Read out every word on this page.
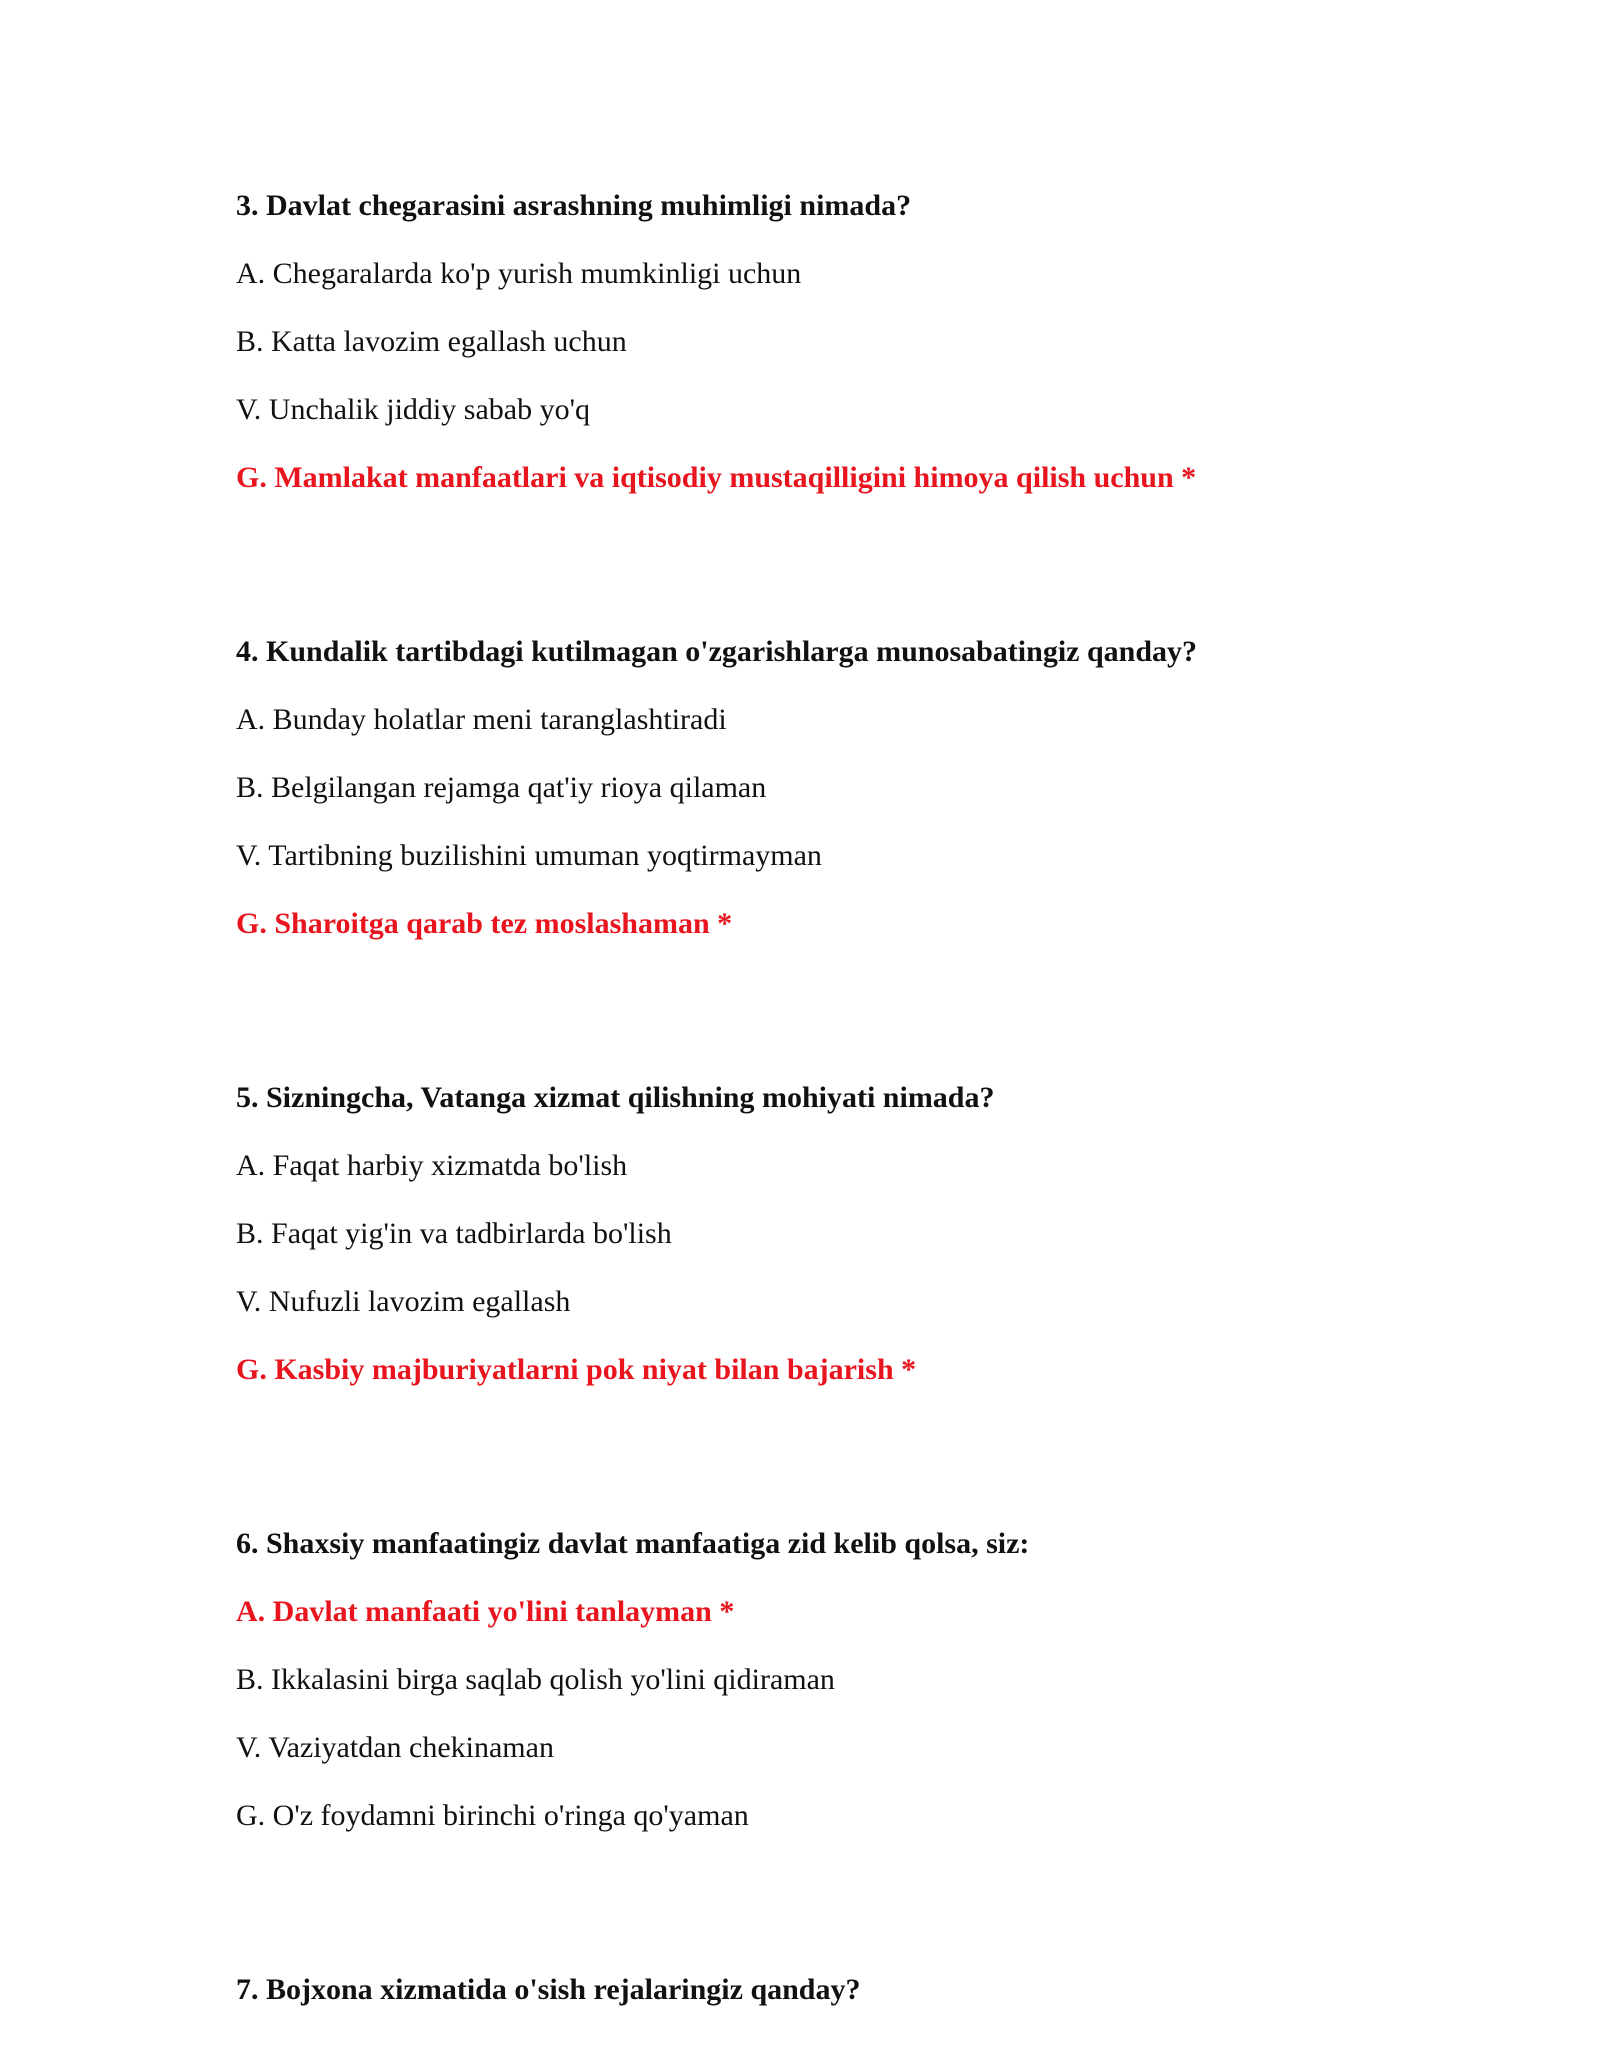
3. Davlat chegarasini asrashning muhimligi nimada?
A. Chegaralarda ko'p yurish mumkinligi uchun
B. Katta lavozim egallash uchun
V. Unchalik jiddiy sabab yo'q
G. Mamlakat manfaatlari va iqtisodiy mustaqilligini himoya qilish uchun *
4. Kundalik tartibdagi kutilmagan o'zgarishlarga munosabatingiz qanday?
A. Bunday holatlar meni taranglashtiradi
B. Belgilangan rejamga qat'iy rioya qilaman
V. Tartibning buzilishini umuman yoqtirmayman
G. Sharoitga qarab tez moslashaman *
5. Sizningcha, Vatanga xizmat qilishning mohiyati nimada?
A. Faqat harbiy xizmatda bo'lish
B. Faqat yig'in va tadbirlarda bo'lish
V. Nufuzli lavozim egallash
G. Kasbiy majburiyatlarni pok niyat bilan bajarish *
6. Shaxsiy manfaatingiz davlat manfaatiga zid kelib qolsa, siz:
A. Davlat manfaati yo'lini tanlayman *
B. Ikkalasini birga saqlab qolish yo'lini qidiraman
V. Vaziyatdan chekinaman
G. O'z foydamni birinchi o'ringa qo'yaman
7. Bojxona xizmatida o'sish rejalaringiz qanday?
